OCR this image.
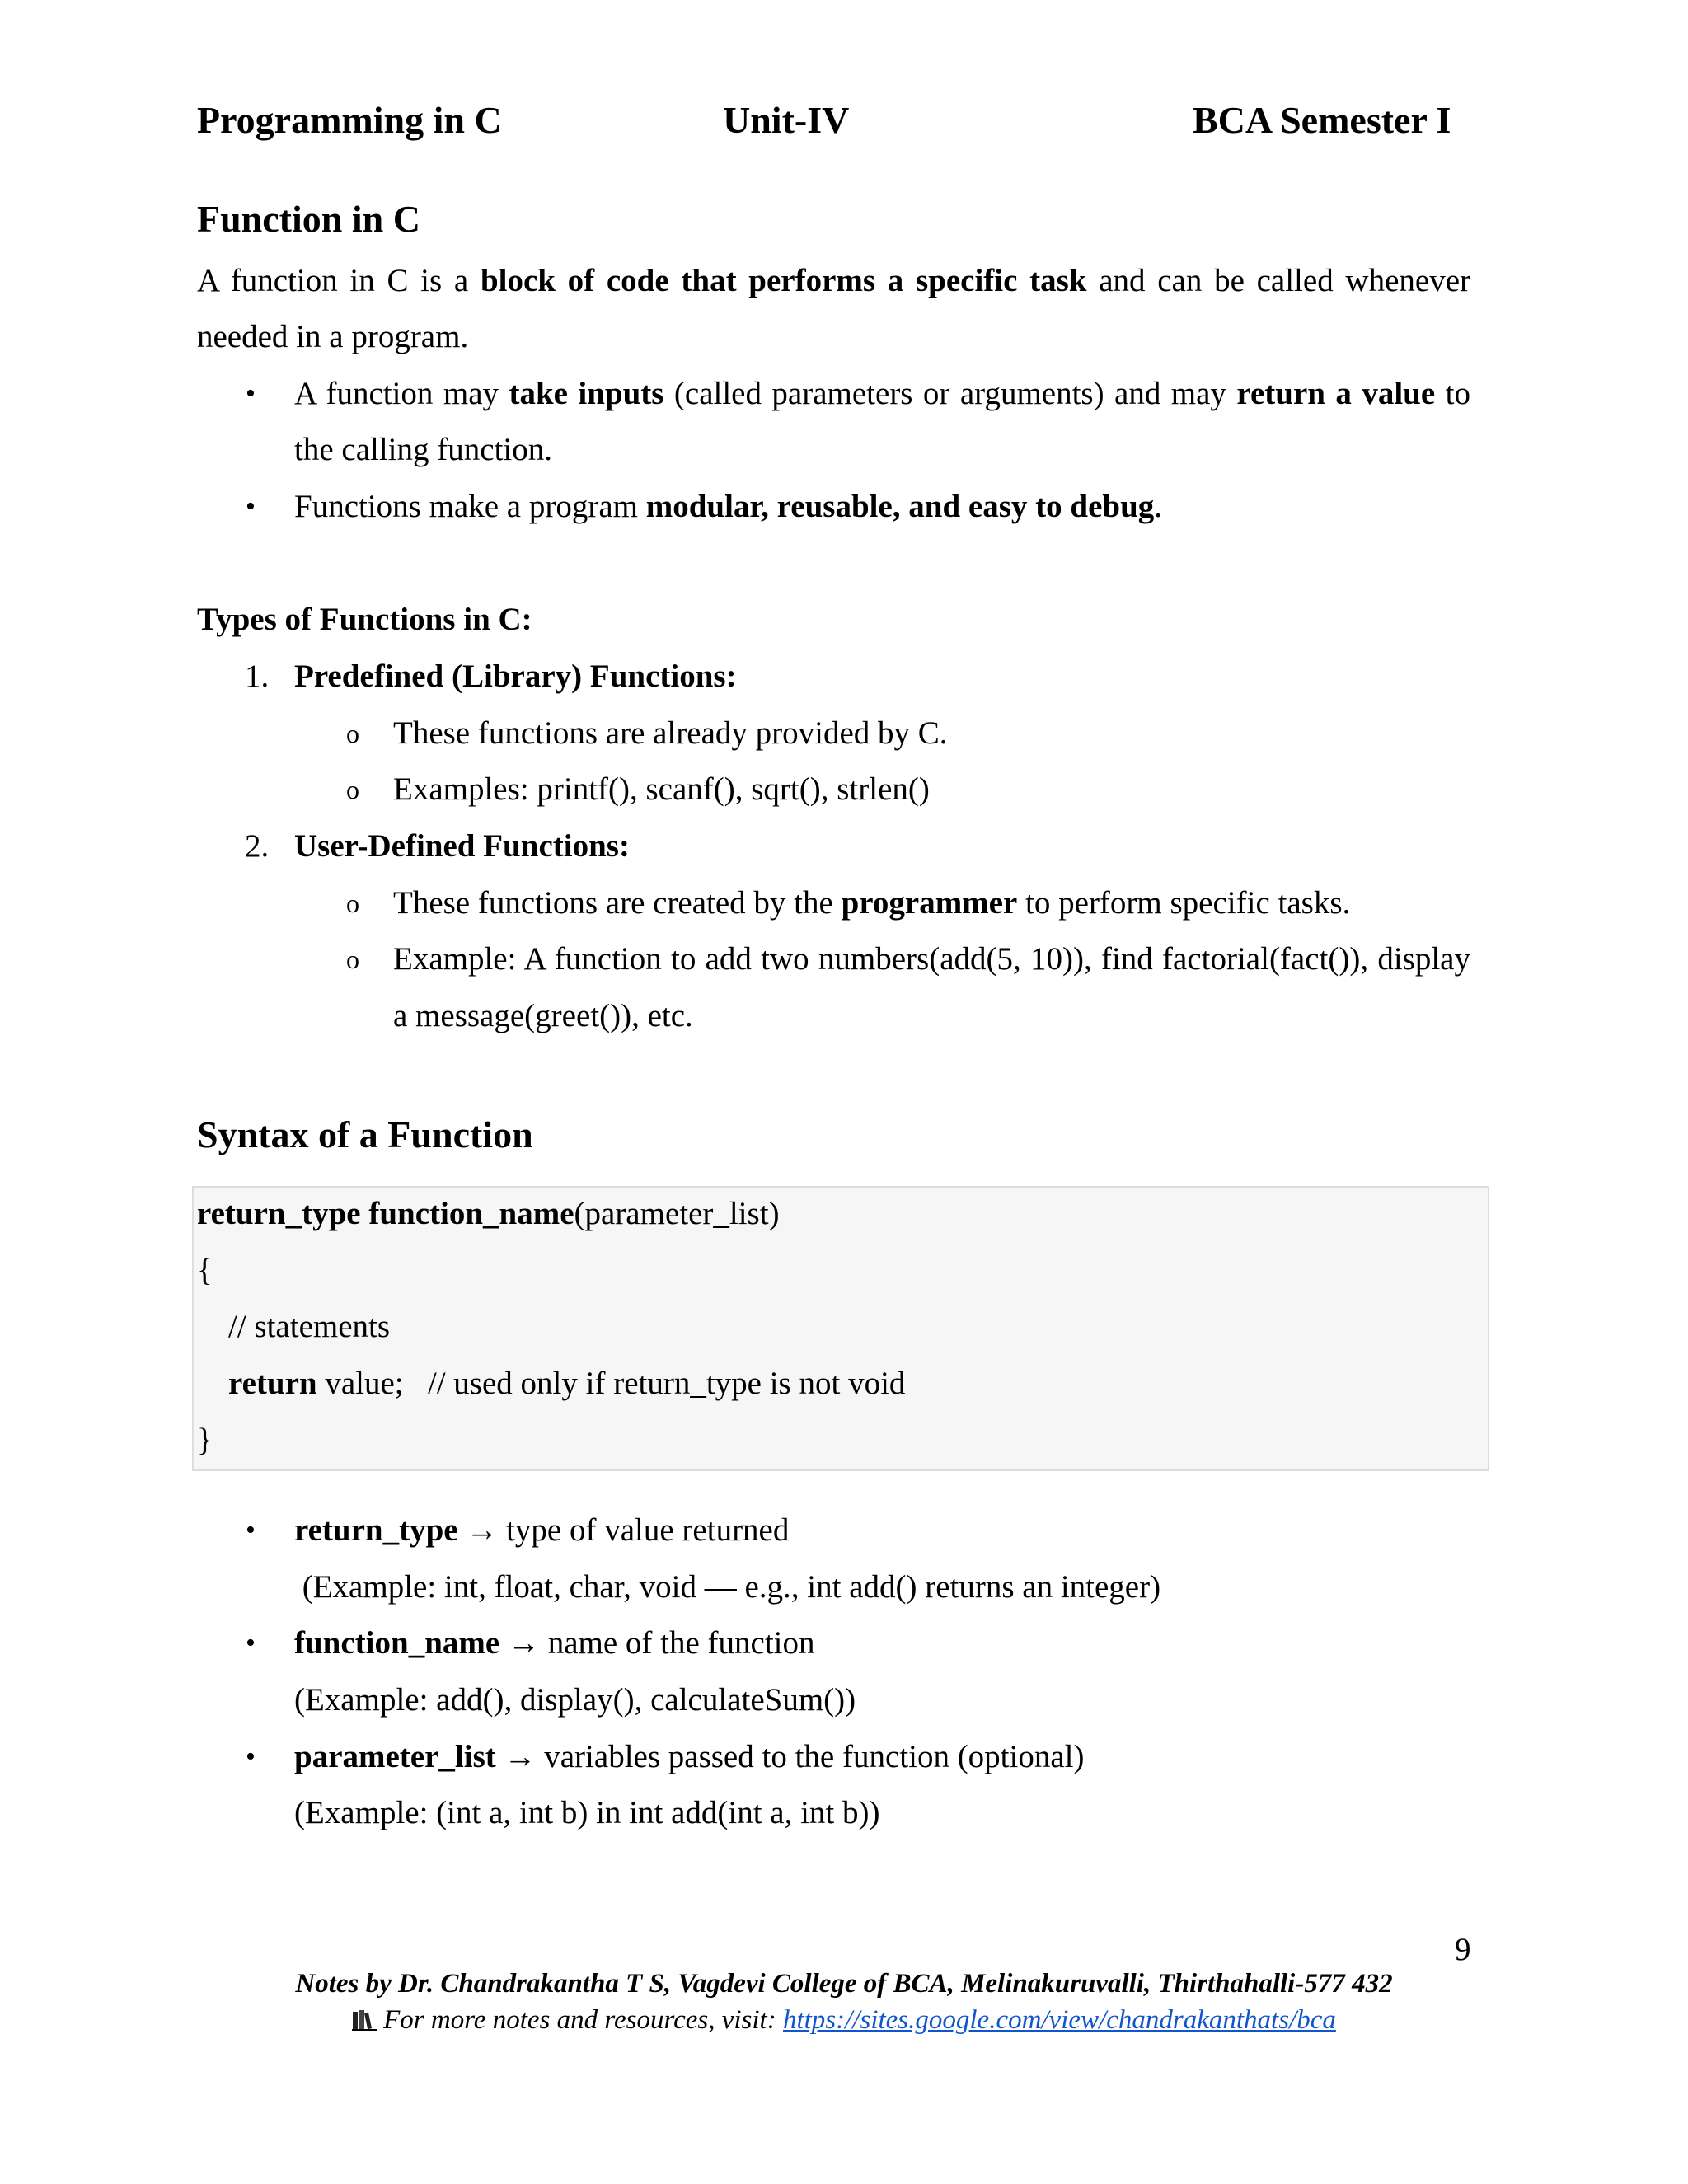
Programming in C	Unit-IV	BCA Semester I
Function in C
A function in C is a block of code that performs a specific task and can be called whenever
needed in a program.
• A function may take inputs (called parameters or arguments) and may return a value to
the calling function.
• Functions make a program modular, reusable, and easy to debug.
Types of Functions in C:
1. Predefined (Library) Functions:
o These functions are already provided by C.
o Examples: printf(), scanf(), sqrt(), strlen()
2. User-Defined Functions:
o These functions are created by the programmer to perform specific tasks.
o Example: A function to add two numbers(add(5, 10)), find factorial(fact()), display
a message(greet()), etc.
Syntax of a Function
return_type function_name(parameter_list)
{
// statements
return value;   // used only if return_type is not void
}
• return_type → type of value returned
(Example: int, float, char, void — e.g., int add() returns an integer)
• function_name → name of the function
(Example: add(), display(), calculateSum())
• parameter_list → variables passed to the function (optional)
(Example: (int a, int b) in int add(int a, int b))
9
Notes by Dr. Chandrakantha T S, Vagdevi College of BCA, Melinakuruvalli, Thirthahalli-577 432
For more notes and resources, visit: https://sites.google.com/view/chandrakanthats/bca
